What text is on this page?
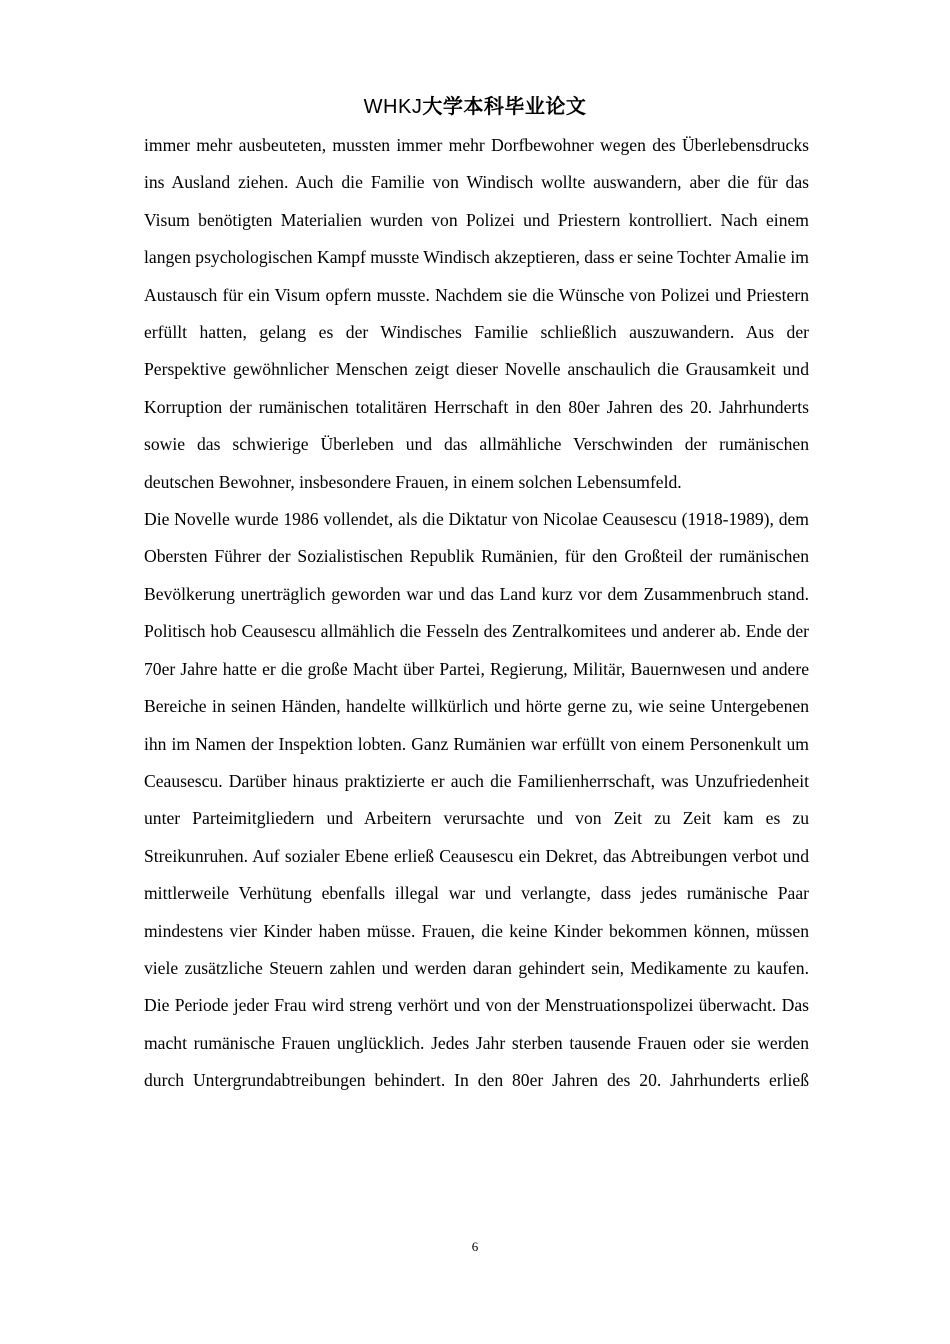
WHKJ大学本科毕业论文

immer mehr ausbeuteten, mussten immer mehr Dorfbewohner wegen des Überlebensdrucks ins Ausland ziehen. Auch die Familie von Windisch wollte auswandern, aber die für das Visum benötigten Materialien wurden von Polizei und Priestern kontrolliert. Nach einem langen psychologischen Kampf musste Windisch akzeptieren, dass er seine Tochter Amalie im Austausch für ein Visum opfern musste. Nachdem sie die Wünsche von Polizei und Priestern erfüllt hatten, gelang es der Windisches Familie schließlich auszuwandern. Aus der Perspektive gewöhnlicher Menschen zeigt dieser Novelle anschaulich die Grausamkeit und Korruption der rumänischen totalitären Herrschaft in den 80er Jahren des 20. Jahrhunderts sowie das schwierige Überleben und das allmähliche Verschwinden der rumänischen deutschen Bewohner, insbesondere Frauen, in einem solchen Lebensumfeld.

Die Novelle wurde 1986 vollendet, als die Diktatur von Nicolae Ceausescu (1918-1989), dem Obersten Führer der Sozialistischen Republik Rumänien, für den Großteil der rumänischen Bevölkerung unerträglich geworden war und das Land kurz vor dem Zusammenbruch stand. Politisch hob Ceausescu allmählich die Fesseln des Zentralkomitees und anderer ab. Ende der 70er Jahre hatte er die große Macht über Partei, Regierung, Militär, Bauernwesen und andere Bereiche in seinen Händen, handelte willkürlich und hörte gerne zu, wie seine Untergebenen ihn im Namen der Inspektion lobten. Ganz Rumänien war erfüllt von einem Personenkult um Ceausescu. Darüber hinaus praktizierte er auch die Familienherrschaft, was Unzufriedenheit unter Parteimitgliedern und Arbeitern verursachte und von Zeit zu Zeit kam es zu Streikunruhen. Auf sozialer Ebene erließ Ceausescu ein Dekret, das Abtreibungen verbot und mittlerweile Verhütung ebenfalls illegal war und verlangte, dass jedes rumänische Paar mindestens vier Kinder haben müsse. Frauen, die keine Kinder bekommen können, müssen viele zusätzliche Steuern zahlen und werden daran gehindert sein, Medikamente zu kaufen. Die Periode jeder Frau wird streng verhört und von der Menstruationspolizei überwacht. Das macht rumänische Frauen unglücklich. Jedes Jahr sterben tausende Frauen oder sie werden durch Untergrundabtreibungen behindert. In den 80er Jahren des 20. Jahrhunderts erließ

6
